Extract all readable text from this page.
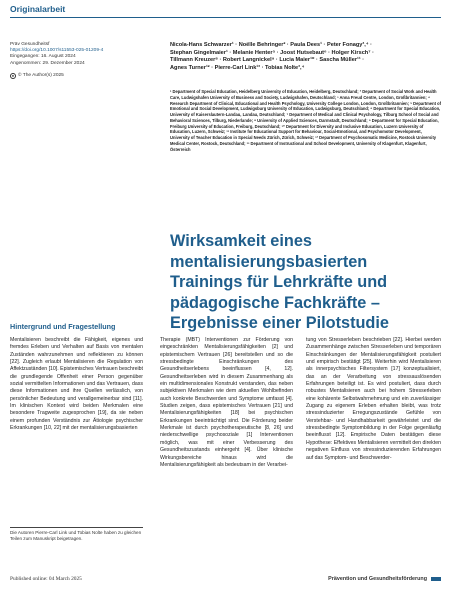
Originalarbeit
Präv Gesundheitsf
https://doi.org/10.1007/s11553-025-01209-4
Eingegangen: 16. August 2024
Angenommen: 29. Dezember 2024
● © The Author(s) 2025
Nicola-Hans Schwarzer¹ · Noëlle Behringer² · Paula Dees¹ · Peter Fonagy³,⁴ ·
Stephan Gingelmaier¹ · Melanie Henter⁵ · Joost Hutsebaut⁶ · Holger Kirsch⁷ ·
Tillmann Kreuzer⁸ · Robert Langnickel⁹ · Lucia Maier¹⁰ · Sascha Müller¹¹ ·
Agnes Turner¹² · Pierre-Carl Link¹³ · Tobias Nolte³,⁴
¹ Department of Special Education, Heidelberg University of Education, Heidelberg, Deutschland; ² Department of Social Work and Health Care, Ludwigshafen University of Business and Society, Ludwigshafen, Deutschland; ³ Anna Freud Centre, London, Großbritannien; ⁴ Research Department of Clinical, Educational and Health Psychology, University College London, London, Großbritannien; ⁵ Department of Emotional and Social Development, Ludwigsburg University of Education, Ludwigsburg, Deutschland; ⁶ Department for Special Education, University of Kaiserslautern-Landau, Landau, Deutschland; ⁷ Department of Medical and Clinical Psychology, Tilburg School of Social and Behavioral Sciences, Tilburg, Niederlande; ⁸ University of Applied Sciences, Darmstadt, Deutschland; ⁹ Department for Special Education, Freiburg University of Education, Freiburg, Deutschland; ¹⁰ Department for Diversity and Inclusive Education, Luzern University of Education, Luzern, Schweiz; ¹¹ Institute for Educational Support for Behaviour, Social-Emotional, and Psychomotor Development, University of Teacher Education in Special Needs Zürich, Zürich, Schweiz; ¹² Department of Psychosomatic Medicine, Rostock University Medical Center, Rostock, Deutschland; ¹³ Department of Instructional and School Development, University of Klagenfurt, Klagenfurt, Österreich
Wirksamkeit eines mentalisierungsbasierten Trainings für Lehrkräfte und pädagogische Fachkräfte – Ergebnisse einer Pilotstudie
Hintergrund und Fragestellung

Mentalisieren beschreibt die Fähigkeit, eigenes und fremdes Erleben und Verhalten auf Basis von mentalen Zuständen wahrzunehmen und reflektieren zu können [22]. Zugleich erlaubt Mentalisieren die Regulation von Affektzuständen [10]. Epistemisches Vertrauen beschreibt die grundlegende Offenheit einer Person gegenüber sozial vermittelten Informationen und das Vertrauen, dass diese Informationen und ihre Quellen verlässlich, von persönlicher Bedeutung und verallgemeinerbar sind [11]. Im klinischen Kontext wird beiden Merkmalen eine besondere Tragweite zugesprochen [19], da sie neben einem profunden Verständnis zur Ätiologie psychischer Erkrankungen [10, 22] mit der mentalisierungsbasierten

Therapie (MBT) Interventionen zur Förderung von eingeschränkten Mentalisierungsfähigkeiten [2] und epistemischem Vertrauen [26] bereitstellen und so die stressbedingte Einschränkungen des Gesundheitserlebens beeinflussen [4, 12]. Gesundheitserleben wird in diesem Zusammenhang als ein multidimensionales Konstrukt verstanden, das neben subjektiven Merkmalen wie dem aktuellen Wohlbefinden auch konkrete Beschwerden und Symptome umfasst [4]. Studien zeigen, dass epistemisches Vertrauen [21] und Mentalisierungsfähigkeiten [18] bei psychischen Erkrankungen beeinträchtigt sind. Die Förderung beider Merkmale ist durch psychotherapeutische [8, 26] und niederschwellige psychosoziale [1] Interventionen möglich, was mit einer Verbesserung des Gesundheitszustands einhergeht [4]. Über klinische Wirkungsbereiche hinaus wird die Mentalisierungsfähigkeit als bedeutsam in der Verarbei-

tung von Stresserleben beschrieben [22]. Hierbei werden Zusammenhänge zwischen Stresserleben und temporären Einschränkungen der Mentalisierungsfähigkeit postuliert und empirisch bestätigt [25]. Weiterhin wird Mentalisieren als innerpsychisches Filtersystem [17] konzeptualisiert, das an der Verarbeitung von stressauslösenden Erfahrungen beteiligt ist. Es wird postuliert, dass durch robustes Mentalisieren auch bei hohem Stresserleben eine kohärente Selbstwahrnehmung und ein zuverlässiger Zugang zu eigenem Erleben erhalten bleibt, was trotz stressinduzierter Erregungszustände Gefühle von Verstehbar- und Handhabbarkeit gewährleistet und die stressbedingte Symptombildung in der Folge gegenläufig beeinflusst [12]. Empirische Daten bestätigen diese Hypothese: Effektives Mentalisieren vermittelt den direkten negativen Einfluss von stressinduzierenden Erfahrungen auf das Symptom- und Beschwerder-

Die Autoren Pierre-Carl Link und Tobias Nolte haben zu gleichen Teilen zum Manuskript beigetragen.
Published online: 04 March 2025	Prävention und Gesundheitsförderung
